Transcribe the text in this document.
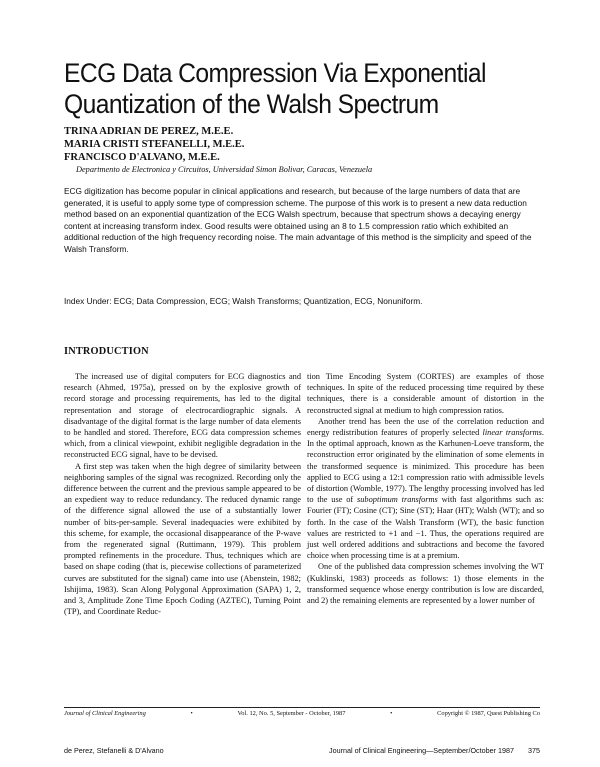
ECG Data Compression Via Exponential
Quantization of the Walsh Spectrum
TRINA ADRIAN DE PEREZ, M.E.E.
MARIA CRISTI STEFANELLI, M.E.E.
FRANCISCO D'ALVANO, M.E.E.
Departmento de Electronica y Circuitos, Universidad Simon Bolivar, Caracas, Venezuela
ECG digitization has become popular in clinical applications and research, but because of the large numbers of data that are generated, it is useful to apply some type of compression scheme. The purpose of this work is to present a new data reduction method based on an exponential quantization of the ECG Walsh spectrum, because that spectrum shows a decaying energy content at increasing transform index. Good results were obtained using an 8 to 1.5 compression ratio which exhibited an additional reduction of the high frequency recording noise. The main advantage of this method is the simplicity and speed of the Walsh Transform.
Index Under: ECG; Data Compression, ECG; Walsh Transforms; Quantization, ECG, Nonuniform.
INTRODUCTION

The increased use of digital computers for ECG diagnostics and research (Ahmed, 1975a), pressed on by the explosive growth of record storage and processing requirements, has led to the digital representation and storage of electrocardiographic signals. A disadvantage of the digital format is the large number of data elements to be handled and stored. Therefore, ECG data compression schemes which, from a clinical viewpoint, exhibit negligible degradation in the reconstructed ECG signal, have to be devised.

A first step was taken when the high degree of similarity between neighboring samples of the signal was recognized. Recording only the difference between the current and the previous sample appeared to be an expedient way to reduce redundancy. The reduced dynamic range of the difference signal allowed the use of a substantially lower number of bits-per-sample. Several inadequacies were exhibited by this scheme, for example, the occasional disappearance of the P-wave from the regenerated signal (Ruttimann, 1979). This problem prompted refinements in the procedure. Thus, techniques which are based on shape coding (that is, piecewise collections of parameterized curves are substituted for the signal) came into use (Abenstein, 1982; Ishijima, 1983). Scan Along Polygonal Approximation (SAPA) 1, 2, and 3, Amplitude Zone Time Epoch Coding (AZTEC), Turning Point (TP), and Coordinate Reduc-

tion Time Encoding System (CORTES) are examples of those techniques. In spite of the reduced processing time required by these techniques, there is a considerable amount of distortion in the reconstructed signal at medium to high compression ratios.

Another trend has been the use of the correlation reduction and energy redistribution features of properly selected linear transforms. In the optimal approach, known as the Karhunen-Loeve transform, the reconstruction error originated by the elimination of some elements in the transformed sequence is minimized. This procedure has been applied to ECG using a 12:1 compression ratio with admissible levels of distortion (Womble, 1977). The lengthy processing involved has led to the use of suboptimum transforms with fast algorithms such as: Fourier (FT); Cosine (CT); Sine (ST); Haar (HT); Walsh (WT); and so forth. In the case of the Walsh Transform (WT), the basic function values are restricted to +1 and −1. Thus, the operations required are just well ordered additions and subtractions and become the favored choice when processing time is at a premium.

One of the published data compression schemes involving the WT (Kuklinski, 1983) proceeds as follows: 1) those elements in the transformed sequence whose energy contribution is low are discarded, and 2) the remaining elements are represented by a lower number of

Journal of Clinical Engineering	•	Vol. 12, No. 5, September - October, 1987	•	Copyright © 1987, Quest Publishing Co
de Perez, Stefanelli & D'Alvano	Journal of Clinical Engineering—September/October 1987 375
